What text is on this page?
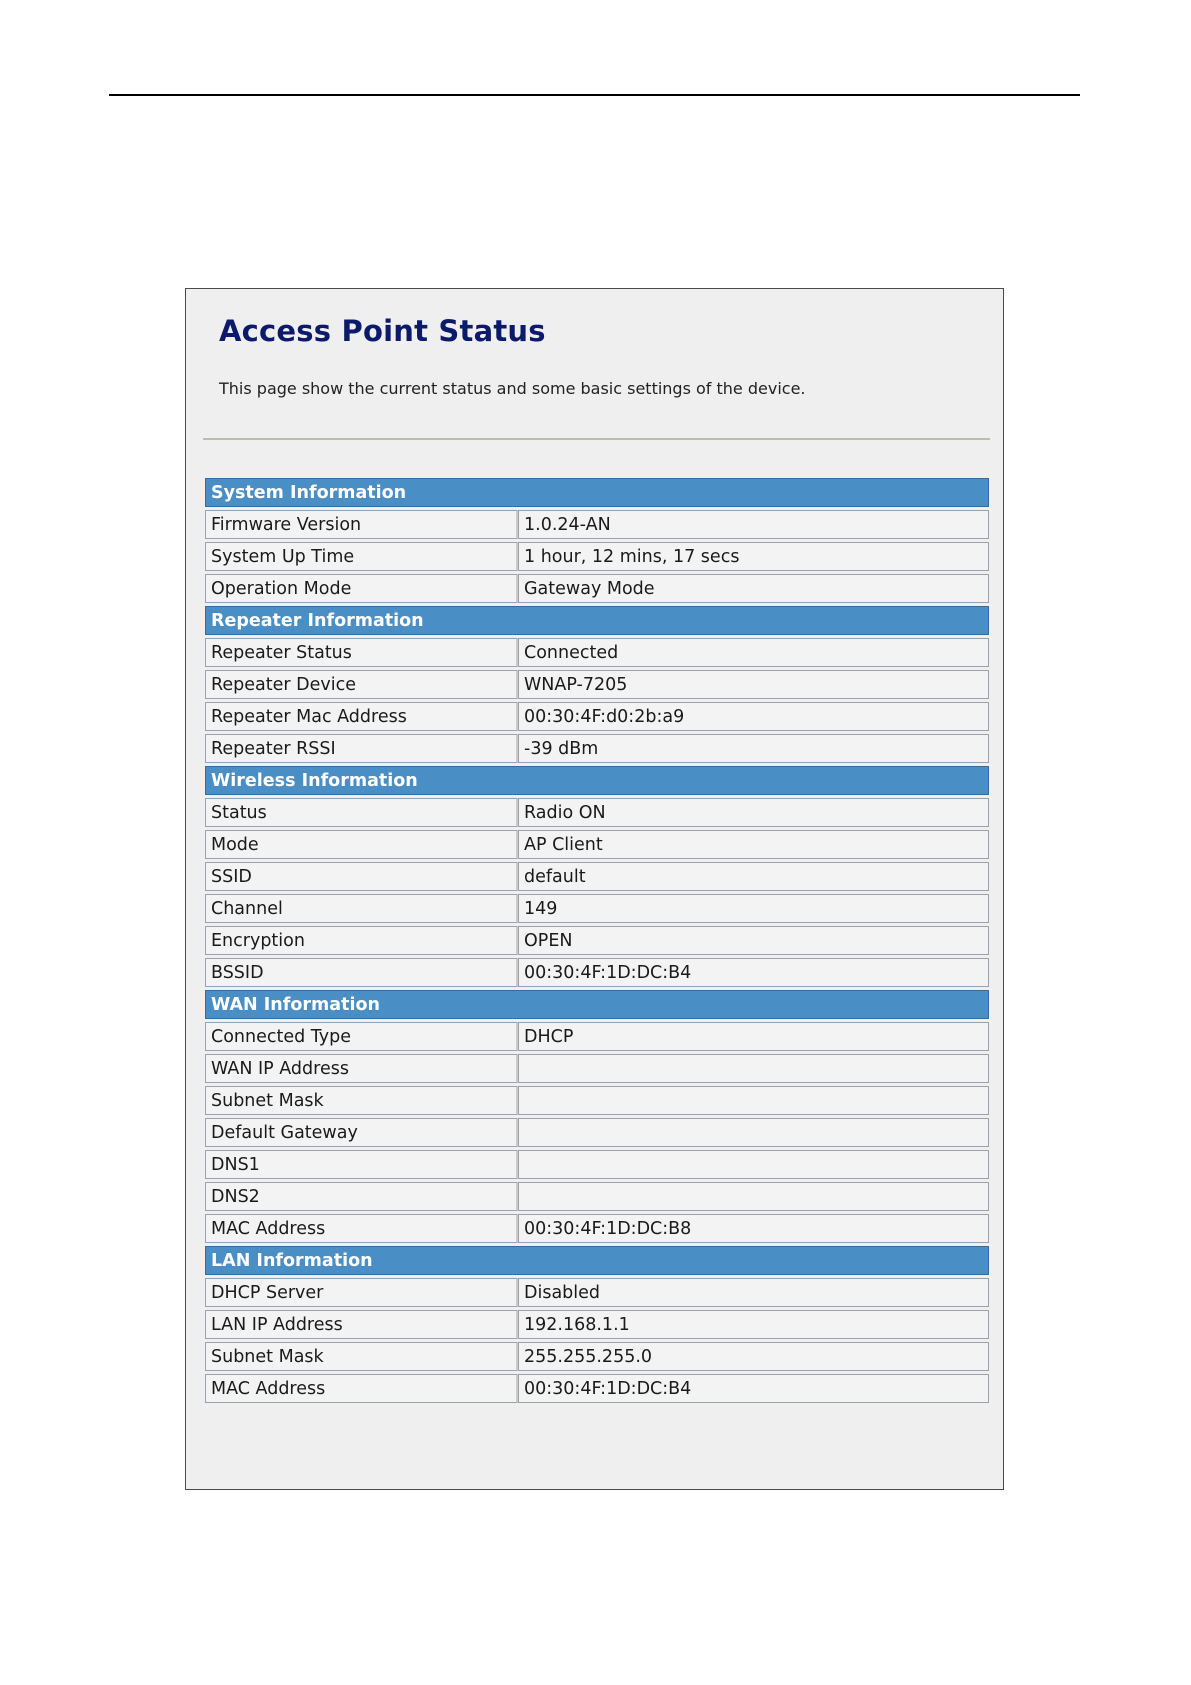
Access Point Status

This page show the current status and some basic settings of the device.

System Information	
Firmware Version	1.0.24-AN
System Up Time	1 hour, 12 mins, 17 secs
Operation Mode	Gateway Mode
Repeater Information	
Repeater Status	Connected
Repeater Device	WNAP-7205
Repeater Mac Address	00:30:4F:d0:2b:a9
Repeater RSSI	-39 dBm
Wireless Information	
Status	Radio ON
Mode	AP Client
SSID	default
Channel	149
Encryption	OPEN
BSSID	00:30:4F:1D:DC:B4
WAN Information	
Connected Type	DHCP
WAN IP Address	
Subnet Mask	
Default Gateway	
DNS1	
DNS2	
MAC Address	00:30:4F:1D:DC:B8
LAN Information	
DHCP Server	Disabled
LAN IP Address	192.168.1.1
Subnet Mask	255.255.255.0
MAC Address	00:30:4F:1D:DC:B4
